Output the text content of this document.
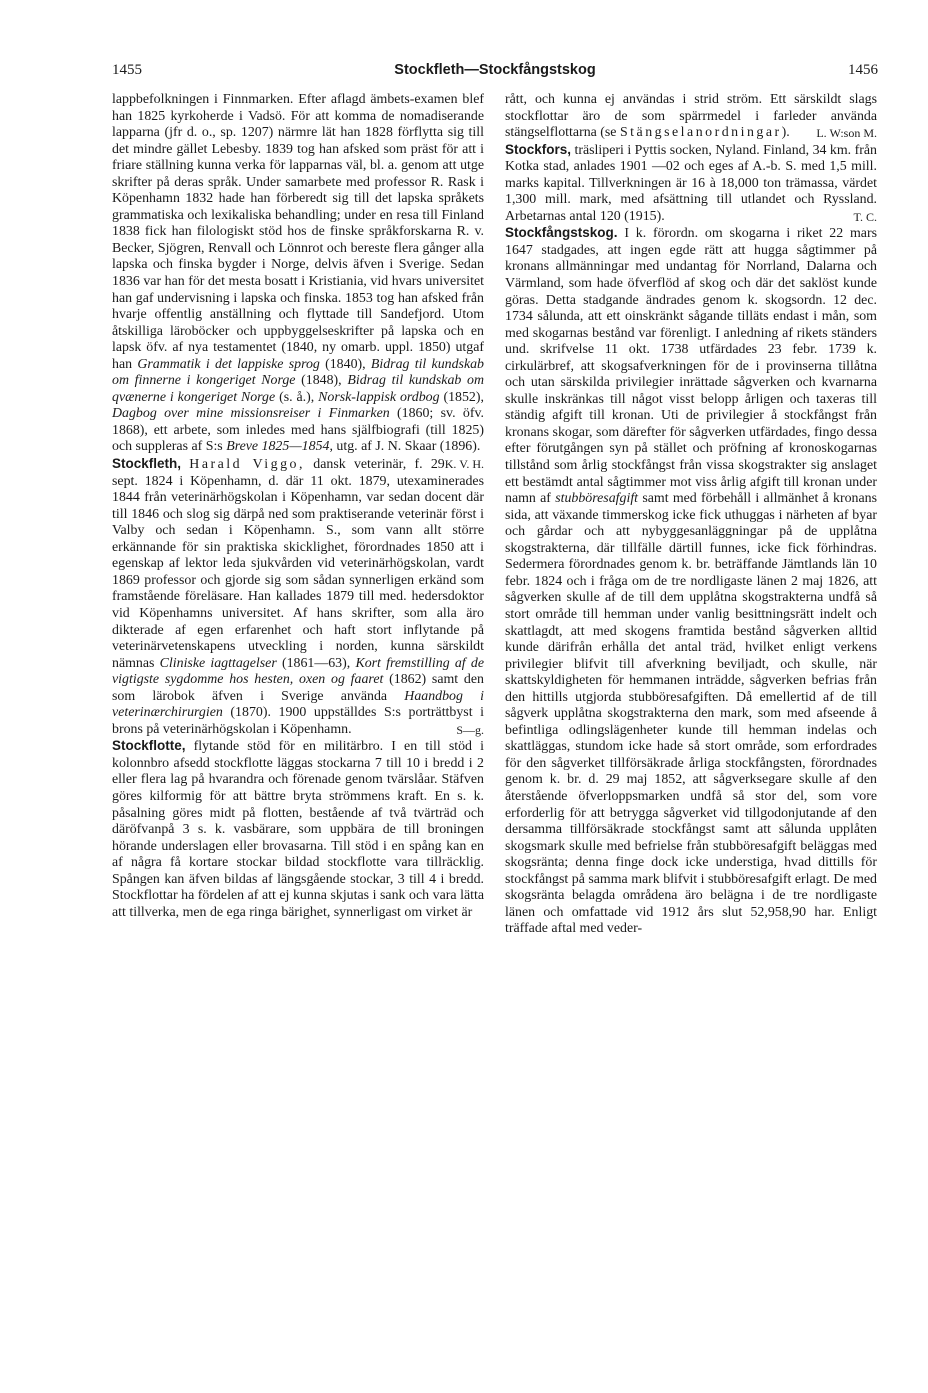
1455	Stockfleth—Stockfångstskog	1456

lappbefolkningen i Finnmarken. Efter aflagd ämbets-examen blef han 1825 kyrkoherde i Vadsö. För att komma de nomadiserande lapparna (jfr d. o., sp. 1207) närmre lät han 1828 förflytta sig till det mindre gället Lebesby. 1839 tog han afsked som präst för att i friare ställning kunna verka för lapparnas väl, bl. a. genom att utge skrifter på deras språk. Under samarbete med professor R. Rask i Köpenhamn 1832 hade han förberedt sig till det lapska språkets grammatiska och lexikaliska behandling; under en resa till Finland 1838 fick han filologiskt stöd hos de finske språkforskarna R. v. Becker, Sjögren, Renvall och Lönnrot och bereste flera gånger alla lapska och finska bygder i Norge, delvis äfven i Sverige. Sedan 1836 var han för det mesta bosatt i Kristiania, vid hvars universitet han gaf undervisning i lapska och finska. 1853 tog han afsked från hvarje offentlig anställning och flyttade till Sandefjord. Utom åtskilliga läroböcker och uppbyggelseskrifter på lapska och en lapsk öfv. af nya testamentet (1840, ny omarb. uppl. 1850) utgaf han Grammatik i det lappiske sprog (1840), Bidrag til kundskab om finnerne i kongeriget Norge (1848), Bidrag til kundskab om qvænerne i kongeriget Norge (s. å.), Norsk-lappisk ordbog (1852), Dagbog over mine missionsreiser i Finmarken (1860; sv. öfv. 1868), ett arbete, som inledes med hans själfbiografi (till 1825) och suppleras af S:s Breve 1825—1854, utg. af J. N. Skaar (1896).
K. V. H.

Stockfleth, Harald Viggo, dansk veterinär, f. 29 sept. 1824 i Köpenhamn, d. där 11 okt. 1879, utexaminerades 1844 från veterinärhögskolan i Köpenhamn, var sedan docent där till 1846 och slog sig därpå ned som praktiserande veterinär först i Valby och sedan i Köpenhamn. S., som vann allt större erkännande för sin praktiska skicklighet, förordnades 1850 att i egenskap af lektor leda sjukvården vid veterinärhögskolan, vardt 1869 professor och gjorde sig som sådan synnerligen erkänd som framstående föreläsare. Han kallades 1879 till med. hedersdoktor vid Köpenhamns universitet. Af hans skrifter, som alla äro dikterade af egen erfarenhet och haft stort inflytande på veterinärvetenskapens utveckling i norden, kunna särskildt nämnas Cliniske iagttagelser (1861—63), Kort fremstilling af de vigtigste sygdomme hos hesten, oxen og faaret (1862) samt den som lärobok äfven i Sverige använda Haandbog i veterinærchirurgien (1870). 1900 uppställdes S:s porträttbyst i brons på veterinärhögskolan i Köpenhamn.	S—g.

Stockflotte, flytande stöd för en militärbro. I en till stöd i kolonnbro afsedd stockflotte läggas stockarna 7 till 10 i bredd i 2 eller flera lag på hvarandra och förenade genom tvärslåar. Stäfven göres kilformig för att bättre bryta strömmens kraft. En s. k. påsalning göres midt på flotten, bestående af två tvärträd och däröfvanpå 3 s. k. vasbärare, som uppbära de till broningen hörande underslagen eller brovasarna. Till stöd i en spång kan en af några få kortare stockar bildad stockflotte vara tillräcklig. Spången kan äfven bildas af längsgående stockar, 3 till 4 i bredd. Stockflottar ha fördelen af att ej kunna skjutas i sank och vara lätta att tillverka, men de ega ringa bärighet, synnerligast om virket är

rått, och kunna ej användas i strid ström. Ett särskildt slags stockflottar äro de som spärrmedel i farleder använda stängselflottarna (se Stängselanordningar). L. W:son M.

Stockfors, träsliperi i Pyttis socken, Nyland. Finland, 34 km. från Kotka stad, anlades 1901 —02 och eges af A.-b. S. med 1,5 mill. marks kapital. Tillverkningen är 16 à 18,000 ton trämassa, värdet 1,300 mill. mark, med afsättning till utlandet och Ryssland. Arbetarnas antal 120 (1915).	T. C.

Stockfångstskog. I k. förordn. om skogarna i riket 22 mars 1647 stadgades, att ingen egde rätt att hugga sågtimmer på kronans allmänningar med undantag för Norrland, Dalarna och Värmland, som hade öfverflöd af skog och där det saklöst kunde göras. Detta stadgande ändrades genom k. skogsordn. 12 dec. 1734 sålunda, att ett oinskränkt sågande tilläts endast i mån, som med skogarnas bestånd var förenligt. I anledning af rikets ständers und. skrifvelse 11 okt. 1738 utfärdades 23 febr. 1739 k. cirkulärbref, att skogsafverkningen för de i provinserna tillåtna och utan särskilda privilegier inrättade sågverken och kvarnarna skulle inskränkas till något visst belopp årligen och taxeras till ständig afgift till kronan. Uti de privilegier å stockfångst från kronans skogar, som därefter för sågverken utfärdades, fingo dessa efter förutgången syn på stället och pröfning af kronoskogarnas tillstånd som årlig stockfångst från vissa skogstrakter sig anslaget ett bestämdt antal sågtimmer mot viss årlig afgift till kronan under namn af stubböresafgift samt med förbehåll i allmänhet å kronans sida, att växande timmerskog icke fick uthuggas i närheten af byar och gårdar och att nybyggesanläggningar på de upplåtna skogstrakterna, där tillfälle därtill funnes, icke fick förhindras. Sedermera förordnades genom k. br. beträffande Jämtlands län 10 febr. 1824 och i fråga om de tre nordligaste länen 2 maj 1826, att sågverken skulle af de till dem upplåtna skogstrakterna undfå så stort område till hemman under vanlig besittningsrätt indelt och skattlagdt, att med skogens framtida bestånd sågverken alltid kunde därifrån erhålla det antal träd, hvilket enligt verkens privilegier blifvit till afverkning beviljadt, och skulle, när skattskyldigheten för hemmanen inträdde, sågverken befrias från den hittills utgjorda stubböresafgiften. Då emellertid af de till sågverk upplåtna skogstrakterna den mark, som med afseende å befintliga odlingslägenheter kunde till hemman indelas och skattläggas, stundom icke hade så stort område, som erfordrades för den sågverket tillförsäkrade årliga stockfångsten, förordnades genom k. br. d. 29 maj 1852, att sågverksegare skulle af den återstående öfverloppsmarken undfå så stor del, som vore erforderlig för att betrygga sågverket vid tillgodonjutande af den dersamma tillförsäkrade stockfångst samt att sålunda upplåten skogsmark skulle med befrielse från stubböresafgift beläggas med skogsränta; denna finge dock icke understiga, hvad dittills för stockfångst på samma mark blifvit i stubböresafgift erlagt. De med skogsränta belagda områdena äro belägna i de tre nordligaste länen och omfattade vid 1912 års slut 52,958,90 har. Enligt träffade aftal med veder-
